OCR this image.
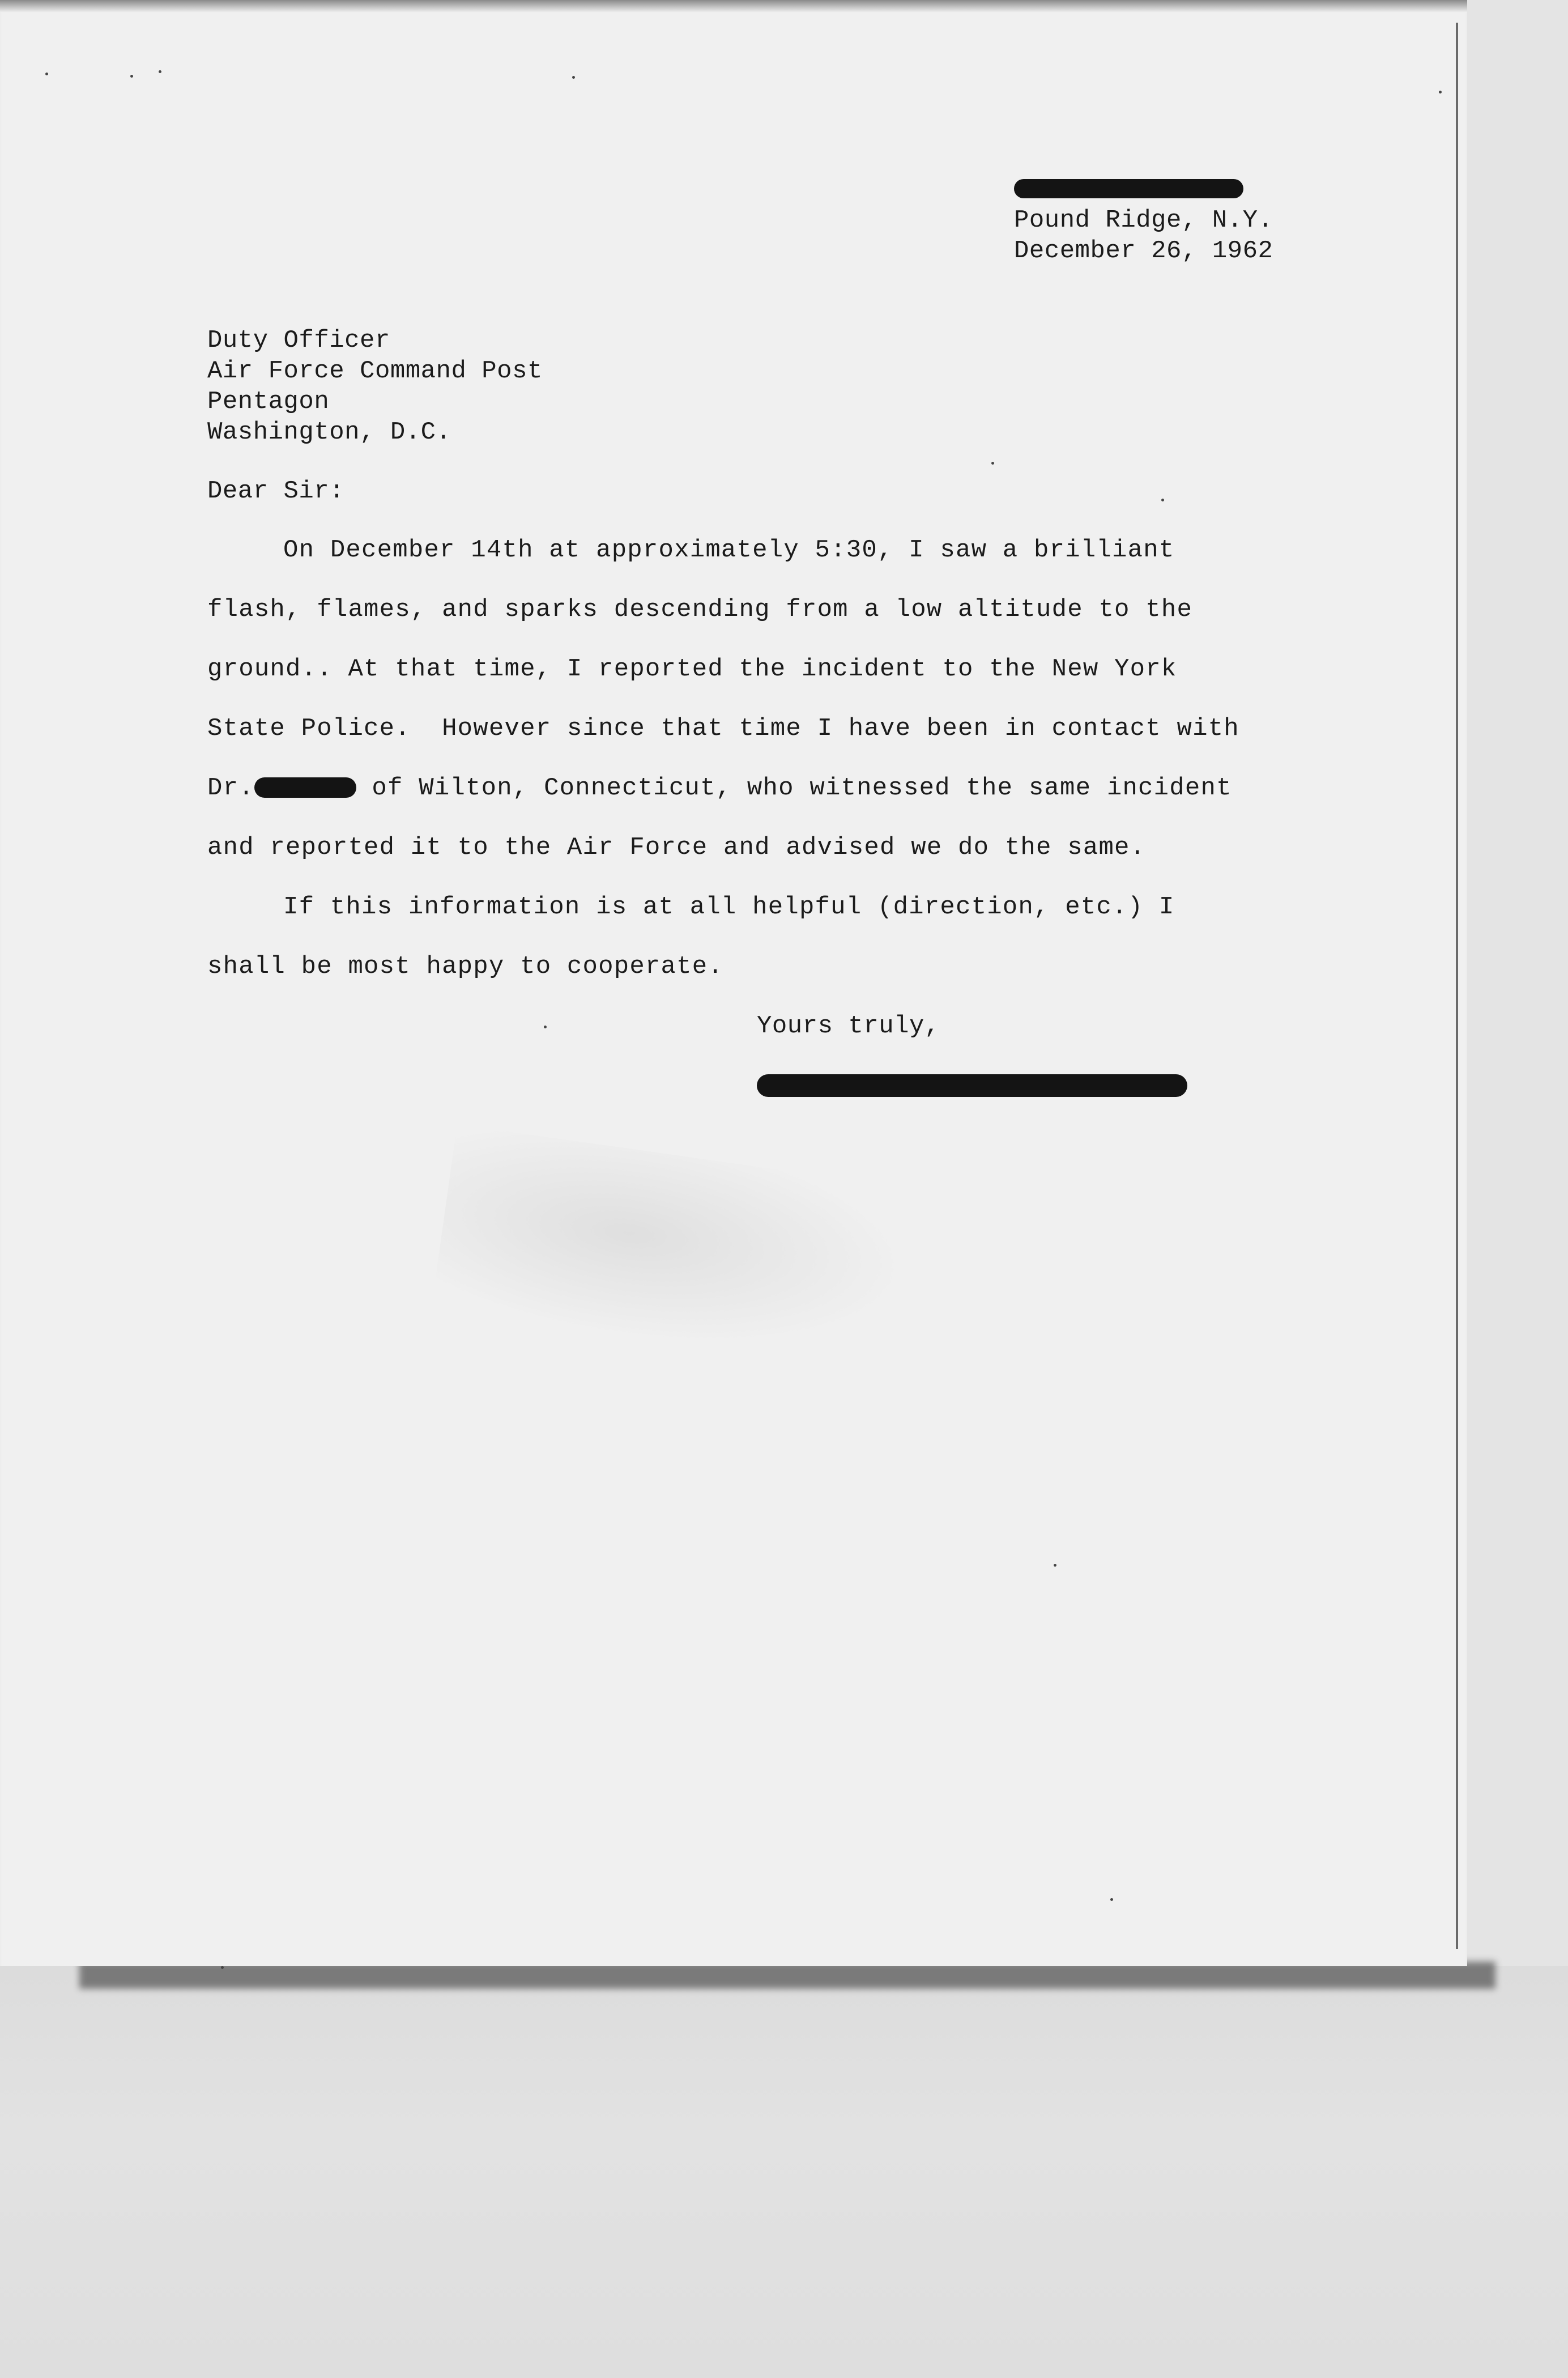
Pound Ridge, N.Y.

December 26, 1962

Duty Officer

Air Force Command Post

Pentagon

Washington, D.C.

Dear Sir:

On December 14th at approximately 5:30, I saw a brilliant

flash, flames, and sparks descending from a low altitude to the

ground.. At that time, I reported the incident to the New York

State Police.  However since that time I have been in contact with

Dr.	of Wilton, Connecticut, who witnessed the same incident

and reported it to the Air Force and advised we do the same.

If this information is at all helpful (direction, etc.) I

shall be most happy to cooperate.

Yours truly,
